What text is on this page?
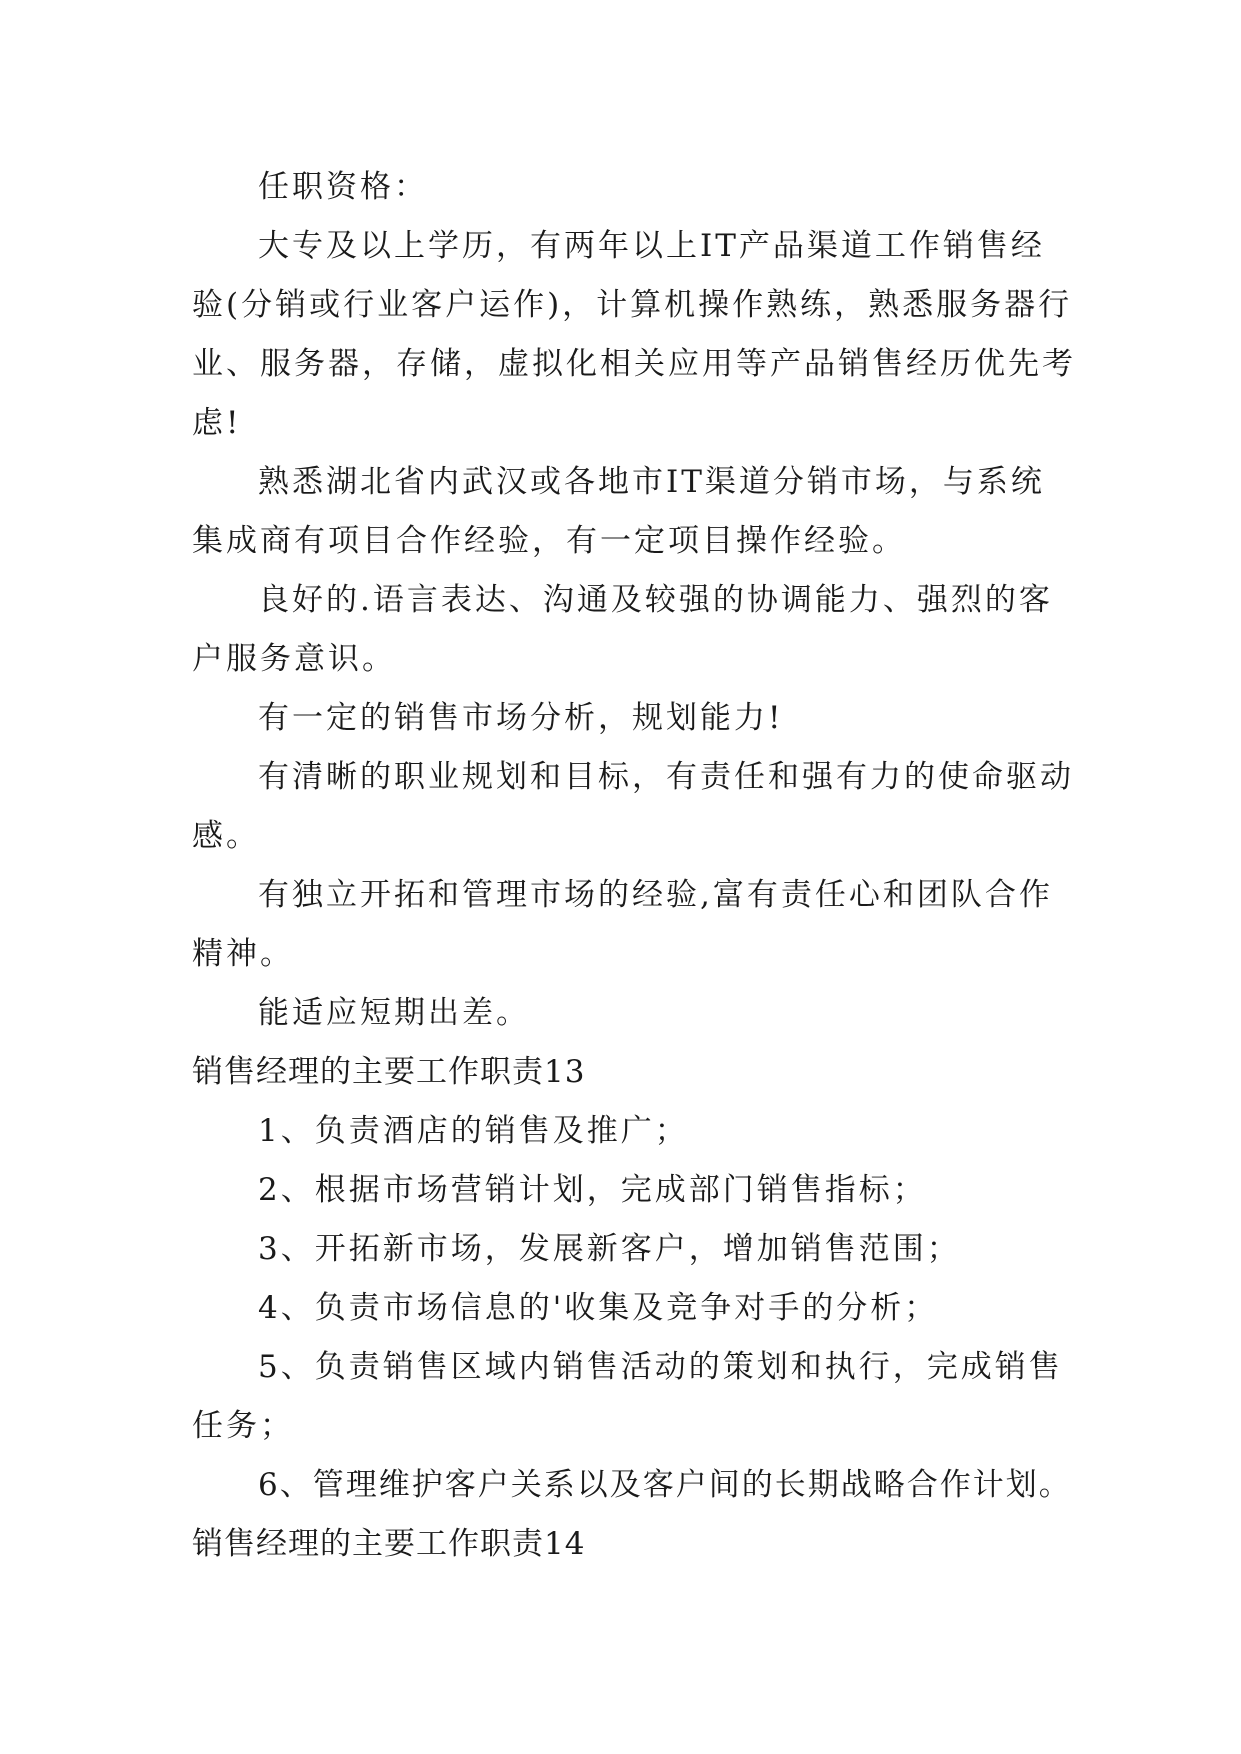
任职资格：
大专及以上学历，有两年以上IT产品渠道工作销售经
验(分销或行业客户运作)，计算机操作熟练，熟悉服务器行
业、服务器，存储，虚拟化相关应用等产品销售经历优先考
虑!
熟悉湖北省内武汉或各地市IT渠道分销市场，与系统
集成商有项目合作经验，有一定项目操作经验。
良好的.语言表达、沟通及较强的协调能力、强烈的客
户服务意识。
有一定的销售市场分析，规划能力!
有清晰的职业规划和目标，有责任和强有力的使命驱动
感。
有独立开拓和管理市场的经验,富有责任心和团队合作
精神。
能适应短期出差。
销售经理的主要工作职责13
1、负责酒店的销售及推广；
2、根据市场营销计划，完成部门销售指标；
3、开拓新市场，发展新客户，增加销售范围；
4、负责市场信息的'收集及竞争对手的分析；
5、负责销售区域内销售活动的策划和执行，完成销售
任务；
6、管理维护客户关系以及客户间的长期战略合作计划。
销售经理的主要工作职责14
